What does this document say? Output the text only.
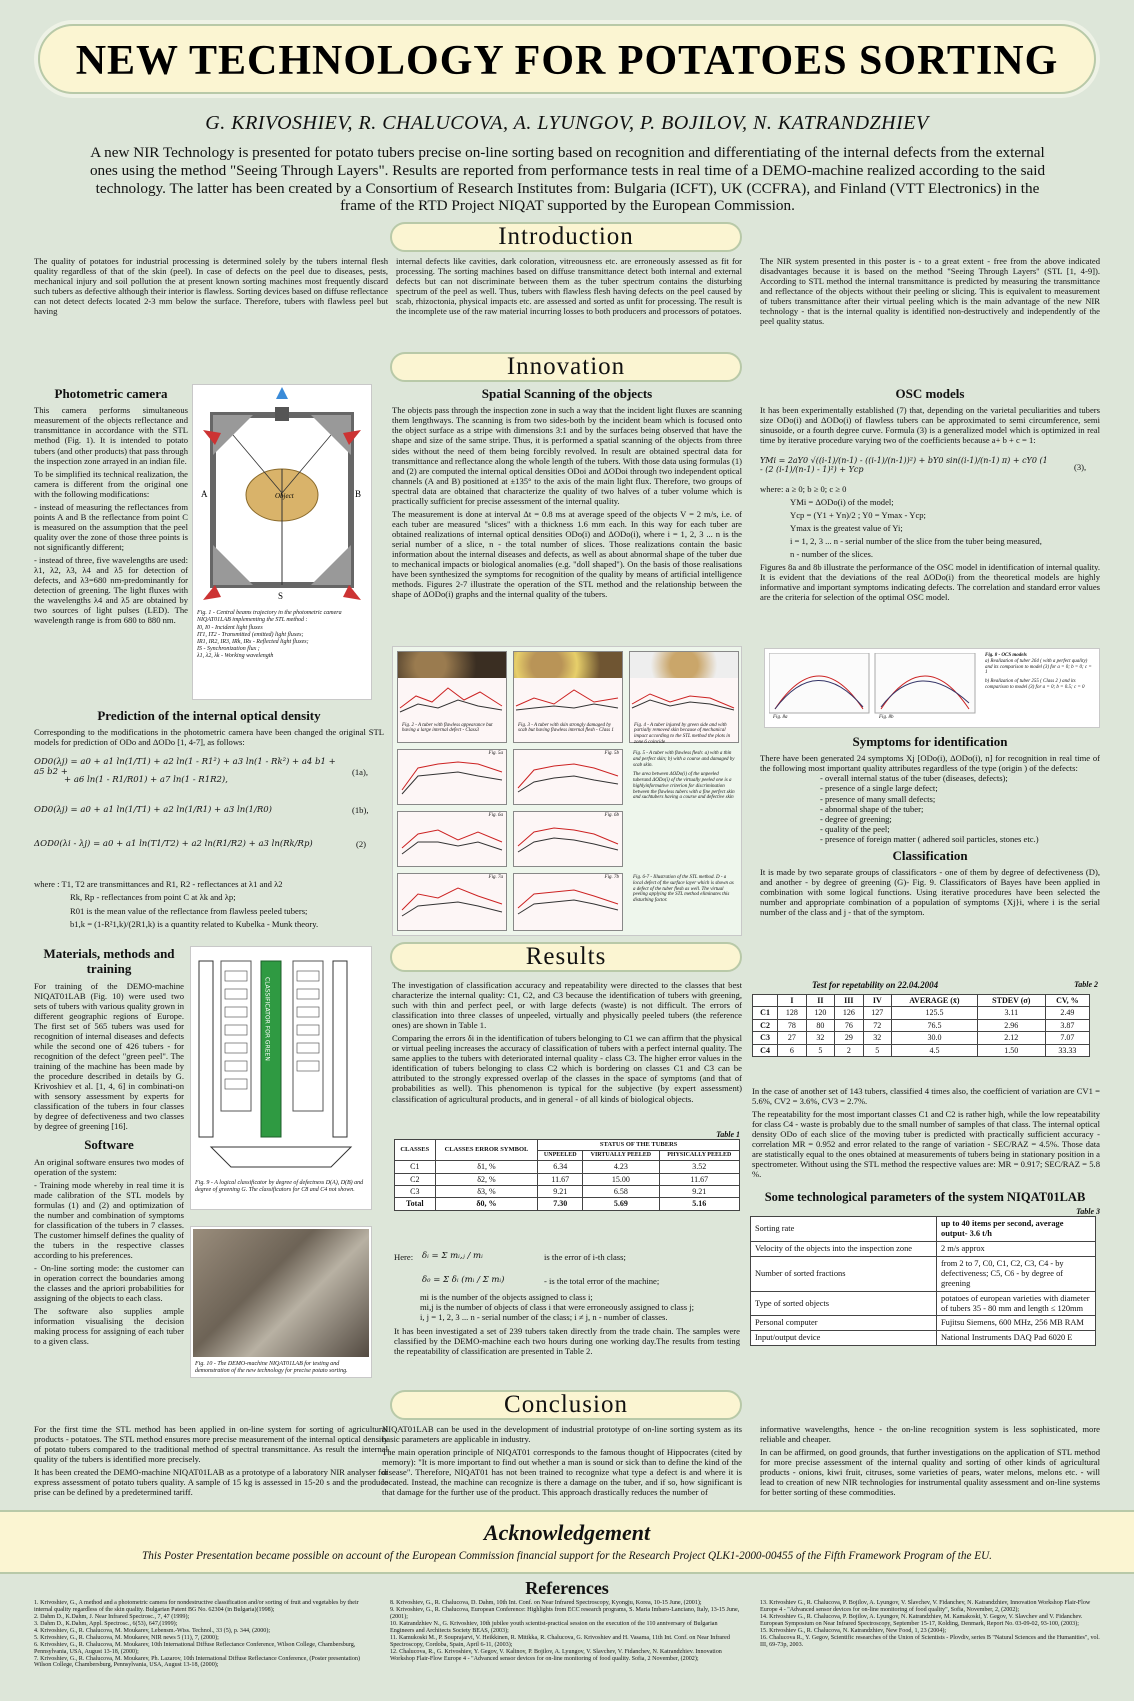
NEW TECHNOLOGY FOR POTATOES SORTING
G. KRIVOSHIEV, R. CHALUCOVA, A. LYUNGOV, P. BOJILOV, N. KATRANDZHIEV
A new NIR Technology is presented for potato tubers precise on-line sorting based on recognition and differentiating of the internal defects from the external ones using the method "Seeing Through Layers". Results are reported from performance tests in real time of a DEMO-machine realized according to the said technology. The latter has been created by a Consortium of Research Institutes from: Bulgaria (ICFT), UK (CCFRA), and Finland (VTT Electronics) in the frame of the RTD Project NIQAT supported by the European Commission.
Introduction
The quality of potatoes for industrial processing is determined solely by the tubers internal flesh quality regardless of that of the skin (peel). In case of defects on the peel due to diseases, pests, mechanical injury and soil pollution the at present known sorting machines most frequently discard such tubers as defective although their interior is flawless. Sorting devices based on diffuse reflectance can not detect defects located 2-3 mm below the surface. Therefore, tubers with flawless peel but having
internal defects like cavities, dark coloration, vitreousness etc. are erroneously assessed as fit for processing. The sorting machines based on diffuse transmittance detect both internal and external defects but can not discriminate between them as the tuber spectrum contains the disturbing spectrum of the peel as well. Thus, tubers with flawless flesh having defects on the peel caused by scab, rhizoctonia, physical impacts etc. are assessed and sorted as unfit for processing. The result is the incomplete use of the raw material incurring losses to both producers and processors of potatoes.
The NIR system presented in this poster is - to a great extent - free from the above indicated disadvantages because it is based on the method "Seeing Through Layers" (STL [1, 4-9]). According to STL method the internal transmittance is predicted by measuring the transmittance and reflectance of the objects without their peeling or slicing. This is equivalent to measurement of tubers transmittance after their virtual peeling which is the main advantage of the new NIR technology - that is the internal quality is identified non-destructively and independently of the peel quality status.
Innovation
Photometric camera

This camera performs simultaneous measurement of the objects reflectance and transmittance in accordance with the STL method (Fig. 1). It is intended to potato tubers (and other products) that pass through the inspection zone arrayed in an indian file.

To be simplified its technical realization, the camera is different from the original one with the following modifications:

- instead of measuring the reflectances from points A and B the reflectance from point C is measured on the assumption that the peel quality over the zone of those three points is not significantly different;

- instead of three, five wavelengths are used: λ1, λ2, λ3, λ4 and λ5 for detection of defects, and λ3=680 nm-predominantly for detection of greening. The light fluxes with the wavelengths λ4 and λ5 are obtained by two sources of light pulses (LED). The wavelength range is from 680 to 880 nm.

Object
A	B
S
Fig. 1 - Central beams trajectory in the photometric camera NIQAT01LAB implementing the STL method :
I0, I0 - Incident light fluxes
IT1, IT2 - Transmitted (emitted) light fluxes;
IR1, IR2, IR3, IRk, IRs - Reflected light fluxes;
IS - Synchronization flux ;
λ1, λ2, λk - Working wavelength
Prediction of the internal optical density
Corresponding to the modifications in the photometric camera have been changed the original STL models for prediction of ODo and ΔODo [1, 4-7], as follows:
OD0(λj) = a0 + a1 ln(1/T1) + a2 ln(1 - R1²) + a3 ln(1 - Rk²) + a4 b1 + a5 b2 +
+ a6 ln(1 - R1/R01) + a7 ln(1 - R1R2),
(1a),
OD0(λj) = a0 + a1 ln(1/T1) + a2 ln(1/R1) + a3 ln(1/R0)	(1b),
ΔOD0(λi - λj) = a0 + a1 ln(T1/T2) + a2 ln(R1/R2) + a3 ln(Rk/Rp)	(2)

where : T1, T2 are transmittances and R1, R2 - reflectances at λ1 and λ2

Rk, Rp - reflectances from point C at λk and λp;

R01 is the mean value of the reflectance from flawless peeled tubers;

b1,k = (1-R²1,k)/(2R1,k) is a quantity related to Kubelka - Munk theory.

Materials, methods and training
For training of the DEMO-machine NIQAT01LAB (Fig. 10) were used two sets of tubers with various quality grown in different geographic regions of Europe. The first set of 565 tubers was used for recognition of internal diseases and defects while the second one of 426 tubers - for recognition of the defect "green peel". The training of the machine has been made by the procedure described in details by G. Krivoshiev et al. [1, 4, 6] in combinati-on with sensory assessment by experts for classification of the tubers in four classes by degree of defectiveness and two classes by degree of greening [16].
Software

An original software ensures two modes of operation of the system:

- Training mode whereby in real time it is made calibration of the STL models by formulas (1) and (2) and optimization of the number and combination of symptoms for classification of the tubers in 7 classes. The customer himself defines the quality of the tubers in the respective classes according to his preferences.

- On-line sorting mode: the customer can in operation correct the boundaries among the classes and the apriori probabilities for assigning of the objects to each class.

The software also supplies ample information visualising the decision making process for assigning of each tuber to a given class.

CLASSIFICATOR FOR GREEN
Fig. 9 - A logical classificator by degree of defectness D(A), D(B) and degree of greening G. The classificators for C8 and C4 not shown.
Fig. 10 - The DEMO-machine NIQAT01LAB for testing and demonstration of the new technology for precise potato sorting.
Spatial Scanning of the objects

The objects pass through the inspection zone in such a way that the incident light fluxes are scanning them lengthways. The scanning is from two sides-both by the incident beam which is focused onto the object surface as a stripe with dimensions 3:1 and by the surfaces being observed that have the shape and size of the same stripe. Thus, it is performed a spatial scanning of the objects from three sides without the need of them being forcibly revolved. In result are obtained spectral data for transmittance and reflectance along the whole length of the tubers. With those data using formulas (1) and (2) are computed the internal optical densities ODoi and ΔODoi through two independent optical channels (A and B) positioned at ±135° to the axis of the main light flux. Therefore, two groups of spectral data are obtained that characterize the quality of two halves of a tuber volume which is practically sufficient for precise assessment of the internal quality.

The measurement is done at interval Δt = 0.8 ms at average speed of the objects V = 2 m/s, i.e. of each tuber are measured "slices" with a thickness 1.6 mm each. In this way for each tuber are obtained realizations of internal optical densities ODo(i) and ΔODo(i), where i = 1, 2, 3 ... n is the serial number of a slice, n - the total number of slices. Those realizations contain the basic information about the internal diseases and defects, as well as about abnormal shape of the tuber due to mechanical impacts or biological anomalies (e.g. "doll shaped"). On the basis of those realisations have been synthesized the symptoms for recognition of the quality by means of artificial intelligence methods. Figures 2-7 illustrate the operation of the STL method and the relationship between the shape of ΔODo(i) graphs and the internal quality of the tubers.

Fig. 2 - A tuber with flawless appearance but having a large internal defect - Class3
Fig. 3 - A tuber with skin strongly damaged by scab but having flawless internal flesh - Class 1
Fig. 4 - A tuber injured by green side and with partially removed skin because of mechanical impact according to the STL method the plots in zone 6 coincide
Fig. 5a	Fig. 5b
Fig. 6a	Fig. 6b
Fig. 7a	Fig. 7b
Fig. 5 - A tuber with flawless flesh: a) with a thin and perfect skin; b) with a course and damaged by scab skin.
The area between ΔODo(i) of the unpeeled tuberand ΔODo(i) of the virtually peeled one is a highlyinformative criterion for discrimination between the flawless tubers with a fine perfect skin and suchtubers having a course and defective skin
Fig. 6-7 - Illustration of the STL method. D - a local defect of the surface layer which is shown as a defect of the tuber flesh as well. The virtual peeling applying the STL method eliminates this disturbing factor.
OSC models
It has been experimentally established (7) that, depending on the varietal peculiarities and tubers size ODo(i) and ΔODo(i) of flawless tubers can be approximated to semi circumference, semi sinusoide, or a fourth degree curve. Formula (3) is a generalized model which is optimized in real time by iterative procedure varying two of the coefficients because a+ b + c = 1:
YMi = 2aY0 √((i-1)/(n-1) - ((i-1)/(n-1))²) + bY0 sin((i-1)/(n-1) π) + cY0 (1 - (2 (i-1)/(n-1) - 1)²) + Ycp	(3),

where: a ≥ 0; b ≥ 0; c ≥ 0

YMi = ΔODo(i) of the model;

Ycp = (Y1 + Yn)/2 ; Y0 = Ymax - Ycp;

Ymax is the greatest value of Yi;

i = 1, 2, 3 ... n - serial number of the slice from the tuber being measured,

n - number of the slices.

Figures 8a and 8b illustrate the performance of the OSC model in identification of internal quality. It is evident that the deviations of the real ΔODo(i) from the theoretical models are highly informative and important symptoms indicating defects. The correlation and standard error values are the criteria for selection of the optimal OSC model.

Fig. 8a	Fig. 8b
Fig. 8 - OCS models
a) Realization of tuber 264 ( with a perfect quality) and its comparison to model (3) for a = 0; b = 0; c = 1
b) Realization of tuber 255 ( Class 2 ) and its comparison to model (3) for a = 0; b = 0.5; c = 0
Symptoms for identification
There have been generated 24 symptoms Xj [ODo(i), ΔODo(i), n] for recognition in real time of the following most important quality attributes regardless of the type (origin ) of the defects:
- overall internal status of the tuber (diseases, defects);
- presence of a single large defect;
- presence of many small defects;
- abnormal shape of the tuber;
- degree of greening;
- quality of the peel;
- presence of foreign matter ( adhered soil particles, stones etc.)
Classification
It is made by two separate groups of classificators - one of them by degree of defectiveness (D), and another - by degree of greening (G)- Fig. 9. Classificators of Bayes have been applied in combination with some logical functions. Using iterative procedures have been selected the number and appropriate combination of a population of symptoms {Xj}i, where i is the serial number of the class and j - that of the symptom.
Results

The investigation of classification accuracy and repeatability were directed to the classes that best characterize the internal quality: C1, C2, and C3 because the identification of tubers with greening, such with thin and perfect peel, or with large defects (waste) is not difficult. The errors of classification into three classes of unpeeled, virtually and physically peeled tubers (the reference ones) are shown in Table 1.

Comparing the errors δi in the identification of tubers belonging to C1 we can affirm that the physical or virtual peeling increases the accuracy of classification of tubers with a perfect internal quality. The same applies to the tubers with deteriorated internal quality - class C3. The higher error values in the identification of tubers belonging to class C2 which is bordering on classes C1 and C3 can be attributed to the strongly expressed overlap of the classes in the space of symptoms (and that of probabilities as well). This phenomenon is typical for the subjective (by expert assessment) classification of agricultural products, and in general - of all kinds of biological objects.

Table 1
CLASSES	CLASSES ERROR SYMBOL	STATUS OF THE TUBERS		
		UNPEELED	VIRTUALLY PEELED	PHYSICALLY PEELED
C1	δ1, %	6.34	4.23	3.52
C2	δ2, %	11.67	15.00	11.67
C3	δ3, %	9.21	6.58	9.21
Total	δ0, %	7.30	5.69	5.16
Here: δᵢ = Σ mᵢ,ⱼ / mᵢ	is the error of i-th class;
δ₀ = Σ δᵢ (mᵢ / Σ mᵢ)	- is the total error of the machine;
mi is the number of the objects assigned to class i;
mi,j is the number of objects of class i that were erroneously assigned to class j;
i, j = 1, 2, 3 ... n - serial number of the class; i ≠ j, n - number of classes.

It has been investigated a set of 239 tubers taken directly from the trade chain. The samples were classified by the DEMO-machine each two hours during one working day.The results from testing the repeatability of classification are presented in Table 2.

Test for repetability on 22.04.2004	Table 2
	I	II	III	IV	AVERAGE (x̄)	STDEV (σ)	CV, %
C1	128	120	126	127	125.5	3.11	2.49
C2	78	80	76	72	76.5	2.96	3.87
C3	27	32	29	32	30.0	2.12	7.07
C4	6	5	2	5	4.5	1.50	33.33

In the case of another set of 143 tubers, classified 4 times also, the coefficient of variation are CV1 = 5.6%, CV2 = 3.6%, CV3 = 2.7%.

The repeatability for the most important classes C1 and C2 is rather high, while the low repeatability for class C4 - waste is probably due to the small number of samples of that class. The internal optical density ODo of each slice of the moving tuber is predicted with practically sufficient accuracy - correlation MR = 0.952 and error related to the range of variation - SEC/RAZ = 4.5%. Those data are statistically equal to the ones obtained at measurements of tubers being in stationary position in a spectrometer. Without using the STL method the respective values are: MR = 0.917; SEC/RAZ = 5.8 %.

Some technological parameters of the system NIQAT01LAB
Table 3
Sorting rate	up to 40 items per second, average output- 3.6 t/h
Velocity of the objects into the inspection zone	2 m/s approx
Number of sorted fractions	from 2 to 7, C0, C1, C2, C3, C4 - by defectiveness; C5, C6 - by degree of greening
Type of sorted objects	potatoes of european varieties with diameter of tubers 35 - 80 mm and length ≤ 120mm
Personal computer	Fujitsu Siemens, 600 MHz, 256 MB RAM
Input/output device	National Instruments DAQ Pad 6020 E
Conclusion

For the first time the STL method has been applied in on-line system for sorting of agricultural products - potatoes. The STL method ensures more precise measurement of the internal optical density of potato tubers compared to the traditional method of spectral transmittance. As result the internal quality of the tubers is identified more precisely.

It has been created the DEMO-machine NIQAT01LAB as a prototype of a laboratory NIR analyser for express assessment of potato tubers quality. A sample of 15 kg is assessed in 15-20 s and the produce prise can be defined by a predetermined tariff.

NIQAT01LAB can be used in the development of industrial prototype of on-line sorting system as its basic parameters are applicable in industry.

The main operation principle of NIQAT01 corresponds to the famous thought of Hippocrates (cited by memory): "It is more important to find out whether a man is sound or sick than to define the kind of the disease". Therefore, NIQAT01 has not been trained to recognize what type a defect is and where it is located. Instead, the machine can recognize is there a damage on the tuber, and if so, how significant is that damage for the further use of the product. This approach drastically reduces the number of

informative wavelengths, hence - the on-line recognition system is less sophisticated, more reliable and cheaper.

In can be affirmed, on good grounds, that further investigations on the application of STL method for more precise assessment of the internal quality and sorting of other kinds of agricultural products - onions, kiwi fruit, citruses, some varieties of pears, water melons, melons etc. - will lead to creation of new NIR technologies for instrumental quality assessment and on-line systems for better sorting of these commodities.

Acknowledgement
This Poster Presentation became possible on account of the European Commission financial support for the Research Project QLK1-2000-00455 of the Fifth Framework Program of the EU.
References
1. Krivoshiev, G., A method and a photometric camera for nondestructive classification and/or sorting of fruit and vegetables by their internal quality regardless of the skin quality. Bulgarian Patent BG No. 62304 (in Bulgaria)(1998);
2. Dahm D., K.Dahm, J. Near Infrared Spectrosc., 7, 47 (1999);
3. Dahm D., K.Dahm, Appl. Spectrosc., 6(53), 647,(1999);
4. Krivoshiev, G., R. Chalucova, M. Moukarev, Lebensm.-Wiss. Technol., 33 (5), p. 344, (2000);
5. Krivoshiev, G., R. Chalucova, M. Moukarev, NIR news 5 (11), 7, (2000);
6. Krivoshiev, G., R. Chalucova, M. Moukarev, 10th International Diffuse Reflectance Conference, Wilson College, Chambersburg, Pennsylvania, USA, August 13-18, (2000);
7. Krivoshiev, G., R. Chalucova, M. Moukarev, Ph. Lazarov, 10th International Diffuse Reflectance Conference, (Poster presentation) Wilson College, Chambersburg, Pennsylvania, USA, August 13-18, (2000);
8. Krivoshiev, G., R. Chalucova, D. Dahm, 10th Int. Conf. on Near Infrared Spectroscopy, Kyongju, Korea, 10-15 June, (2001);
9. Krivoshiev, G., R. Chalucova, European Conference: Highlights from ECC research programs, S. Maria Imbaro-Lanciano, Italy, 13-15 June, (2001);
10. Katrandzhiev N., G. Krivoshiev, 10th jubilee youth scientist-practical session on the execution of the 110 anniversary of Bulgarian Engineers and Architects Society BEAS, (2003);
11. Kamukoski M., P. Souprajarvi, V. Heikkinen, R. Mitikka, R. Chalucova, G. Krivoshiev and H. Vasama, 11th Int. Conf. on Near Infrared Spectroscopy, Cordoba, Spain, April 6-11, (2003);
12. Chalucova, R., G. Krivoshiev, Y. Gegov, V. Kalinov, P. Bojilov, A. Lyungov, V. Slavchev, V. Fidanchev, N. Katrandzhiev. Innovation Workshop Flair-Flow Europe 4 - "Advanced sensor devices for on-line monitoring of food quality. Sofia, 2 November, (2002);
13. Krivoshiev G., R. Chalucova, P. Bojilov, A. Lyungov, V. Slavchev, V. Fidanchev, N. Katrandzhiev, Innovation Workshop Flair-Flow Europe 4 - "Advanced sensor devices for on-line monitoring of food quality", Sofia, November, 2, (2002);
14. Krivoshiev G., R. Chalucova, P. Bojilov, A. Lyungov, N. Katrandzhiev, M. Kamakoski, Y. Gegov, V. Slavchev and V. Fidanchev. European Symposium on Near Infrared Spectroscopy, September 15-17, Kolding, Denmark, Report No. 03-09-02, 93-100, (2003);
15. Krivoshiev G., R. Chalucova, N. Katrandzhiev, New Food, 1, 23 (2004);
16. Chalucova R., Y. Gegov, Scientific researches of the Union of Scientists - Plovdiv, series B "Natural Sciences and the Humanities", vol. III, 69-73p, 2003.
